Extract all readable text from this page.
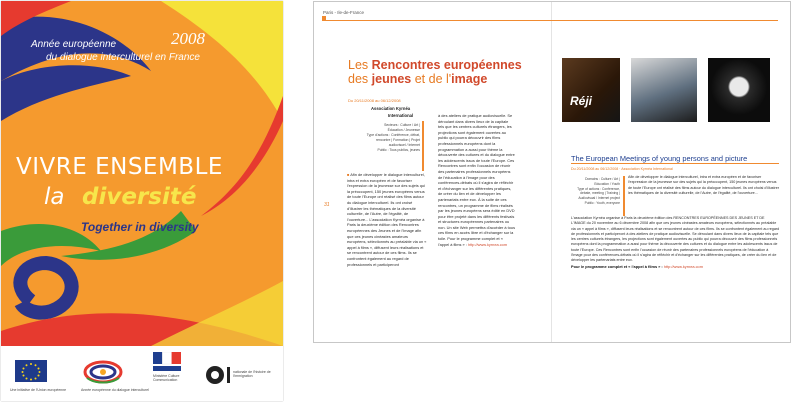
2008
Année européenne
du dialogue interculturel en France
VIVRE ENSEMBLE
la diversité
Together in diversity
Une initiative de l'Union européenne	Année européenne du dialogue interculturel
Ministère Culture Communication
nationale de l'histoire de l'immigration
Paris - Ile-de-France
Les Rencontres européennes
des jeunes et de l'image
Du 20/11/2008 au 06/12/2008
Association Kyrnéa
International
Secteurs : Culture / Art |
Éducation / Jeunesse
Type d'actions : Conférence, débat,
rencontre | Formation | Projet
audiovisuel / Internet
Public : Tous publics, jeunes
31
■ Afin de développer le dialogue interculturel, intra et extra européen et de favoriser l'expression de la jeunesse sur des sujets qui la préoccupent, 150 jeunes européens venus de toute l'Europe ont réalisé des films autour du dialogue interculturel. Ils ont croisé d'illustrer les thématiques de la diversité culturelle, de l'Autre, de l'égalité, de l'ouverture... L'association Kyrnéa organise à Paris la deuxième édition des Rencontres européennes des Jeunes et de l'Image afin que ces jeunes cinéastes amateurs européens, sélectionnés au préalable via un « appel à films », diffusent leurs réalisations et se rencontrent autour de ces films. Ils se confrontent également au regard de professionnels et participeront
à des ateliers de pratique audiovisuelle. Se déroulant dans divers lieux de la capitale tels que les centres culturels étrangers, les projections sont également ouvertes au public qui pourra découvrir des films professionnels européens dont la programmation a aussi pour thème la découverte des cultures et du dialogue entre les adolescents issus de toute l'Europe. Ces Rencontres sont enfin l'occasion de réunir des partenaires professionnels européens de l'éducation à l'image pour des conférences-débats où il s'agira de réfléchir et d'échanger sur les différentes pratiques, de créer du lien et de développer les partenariats entre eux. À la suite de ces rencontres, un programme de films réalisés par les jeunes européens sera édité en DVD pour être projeté dans les différents festivals et structures européennes partenaires ou non. Un site Web permettra d'accéder à tous ces films en accès libre et d'échanger sur la toile. Pour le programme complet et « l'appel à films » : http://www.kyrnea.com
Réji
The European Meetings of young persons and picture
Du 20/11/2008 au 06/12/2008 · Association Kyrnéa International
Domains : Culture / Art |
Education / Youth
Type of actions : Conference,
debate, meeting | Training |
Audiovisual / Internet project
Public : Youth, everyone
Afin de développer le dialogue interculturel, intra et extra européen et de favoriser l'expression de la jeunesse sur des sujets qui la préoccupent, 150 jeunes européens venus de toute l'Europe ont réalisé des films autour du dialogue interculturel. Ils ont choisi d'illustrer les thématiques de la diversité culturelle, de l'Autre, de l'égalité, de l'ouverture...
L'association Kyrnéa organise à Paris la deuxième édition des RENCONTRES EUROPÉENNES DES JEUNES ET DE L'IMAGE du 20 novembre au 6 décembre 2008 afin que ces jeunes cinéastes amateurs européens, sélectionnés au préalable via un « appel à films », diffusent leurs réalisations et se rencontrent autour de ces films. Ils se confrontent également au regard de professionnels et participeront à des ateliers de pratique audiovisuelle. Se déroulant dans divers lieux de la capitale tels que les centres culturels étrangers, les projections sont également ouvertes au public qui pourra découvrir des films professionnels européens dont la programmation a aussi pour thème la découverte des cultures et du dialogue entre les adolescents issus de toute l'Europe. Ces Rencontres sont enfin l'occasion de réunir des partenaires professionnels européens de l'éducation à l'image pour des conférences-débats où il s'agira de réfléchir et d'échanger sur les différentes pratiques, de créer du lien et de développer les partenariats entre eux.
Pour le programme complet et « l'appel à films » : http://www.kyrnea.com
